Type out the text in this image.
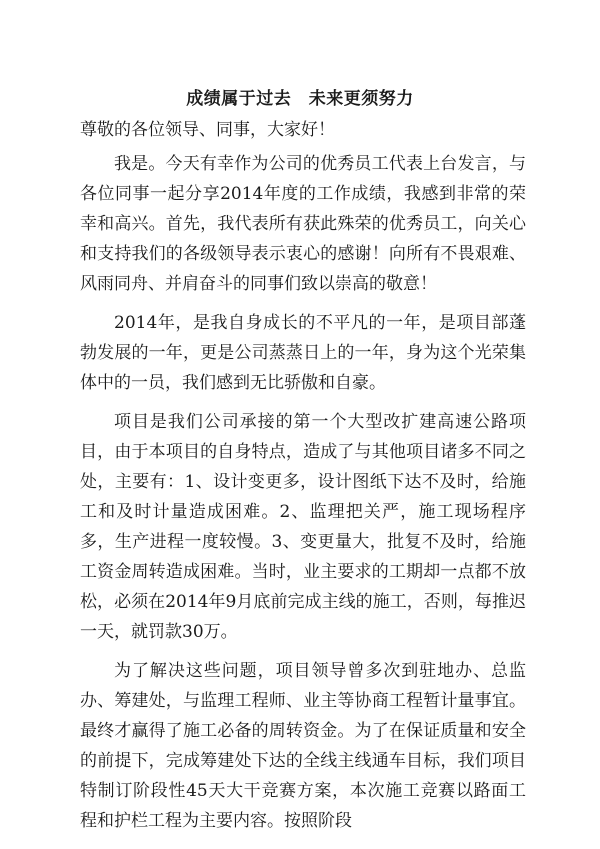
成绩属于过去　未来更须努力

尊敬的各位领导、同事，大家好！

我是。今天有幸作为公司的优秀员工代表上台发言，与各位同事一起分享2014年度的工作成绩，我感到非常的荣幸和高兴。首先，我代表所有获此殊荣的优秀员工，向关心和支持我们的各级领导表示衷心的感谢！向所有不畏艰难、风雨同舟、并肩奋斗的同事们致以崇高的敬意！

2014年，是我自身成长的不平凡的一年，是项目部蓬勃发展的一年，更是公司蒸蒸日上的一年，身为这个光荣集体中的一员，我们感到无比骄傲和自豪。

项目是我们公司承接的第一个大型改扩建高速公路项目，由于本项目的自身特点，造成了与其他项目诸多不同之处，主要有：1、设计变更多，设计图纸下达不及时，给施工和及时计量造成困难。2、监理把关严，施工现场程序多，生产进程一度较慢。3、变更量大，批复不及时，给施工资金周转造成困难。当时，业主要求的工期却一点都不放松，必须在2014年9月底前完成主线的施工，否则，每推迟一天，就罚款30万。

为了解决这些问题，项目领导曾多次到驻地办、总监办、筹建处，与监理工程师、业主等协商工程暂计量事宜。最终才赢得了施工必备的周转资金。为了在保证质量和安全的前提下，完成筹建处下达的全线主线通车目标，我们项目特制订阶段性45天大干竞赛方案，本次施工竞赛以路面工程和护栏工程为主要内容。按照阶段
